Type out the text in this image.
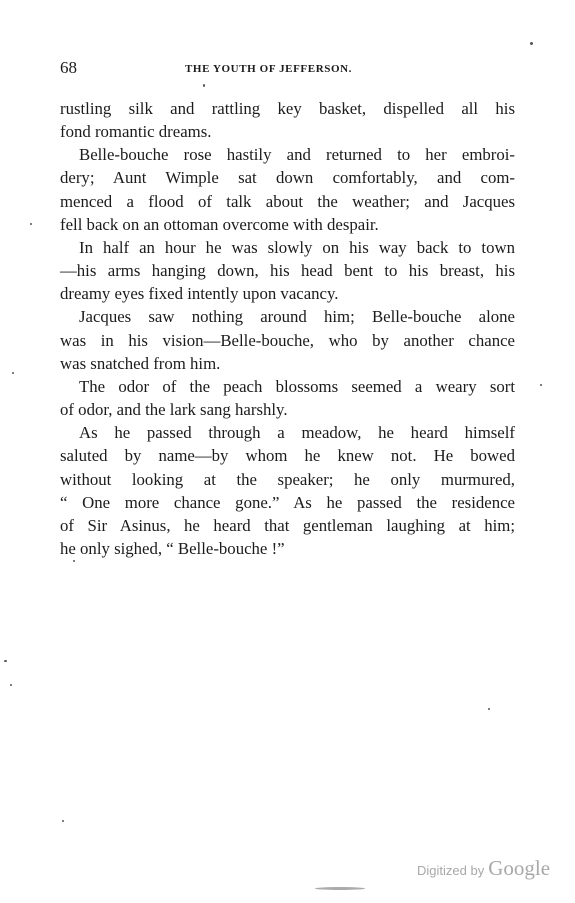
68	THE YOUTH OF JEFFERSON.
rustling silk and rattling key basket, dispelled all his
fond romantic dreams.
Belle-bouche rose hastily and returned to her embroi-
dery; Aunt Wimple sat down comfortably, and com-
menced a flood of talk about the weather; and Jacques
fell back on an ottoman overcome with despair.
In half an hour he was slowly on his way back to town
—his arms hanging down, his head bent to his breast, his
dreamy eyes fixed intently upon vacancy.
Jacques saw nothing around him; Belle-bouche alone
was in his vision—Belle-bouche, who by another chance
was snatched from him.
The odor of the peach blossoms seemed a weary sort
of odor, and the lark sang harshly.
As he passed through a meadow, he heard himself
saluted by name—by whom he knew not. He bowed
without looking at the speaker; he only murmured,
“ One more chance gone.” As he passed the residence
of Sir Asinus, he heard that gentleman laughing at him;
he only sighed, “ Belle-bouche !”
Digitized by Google
